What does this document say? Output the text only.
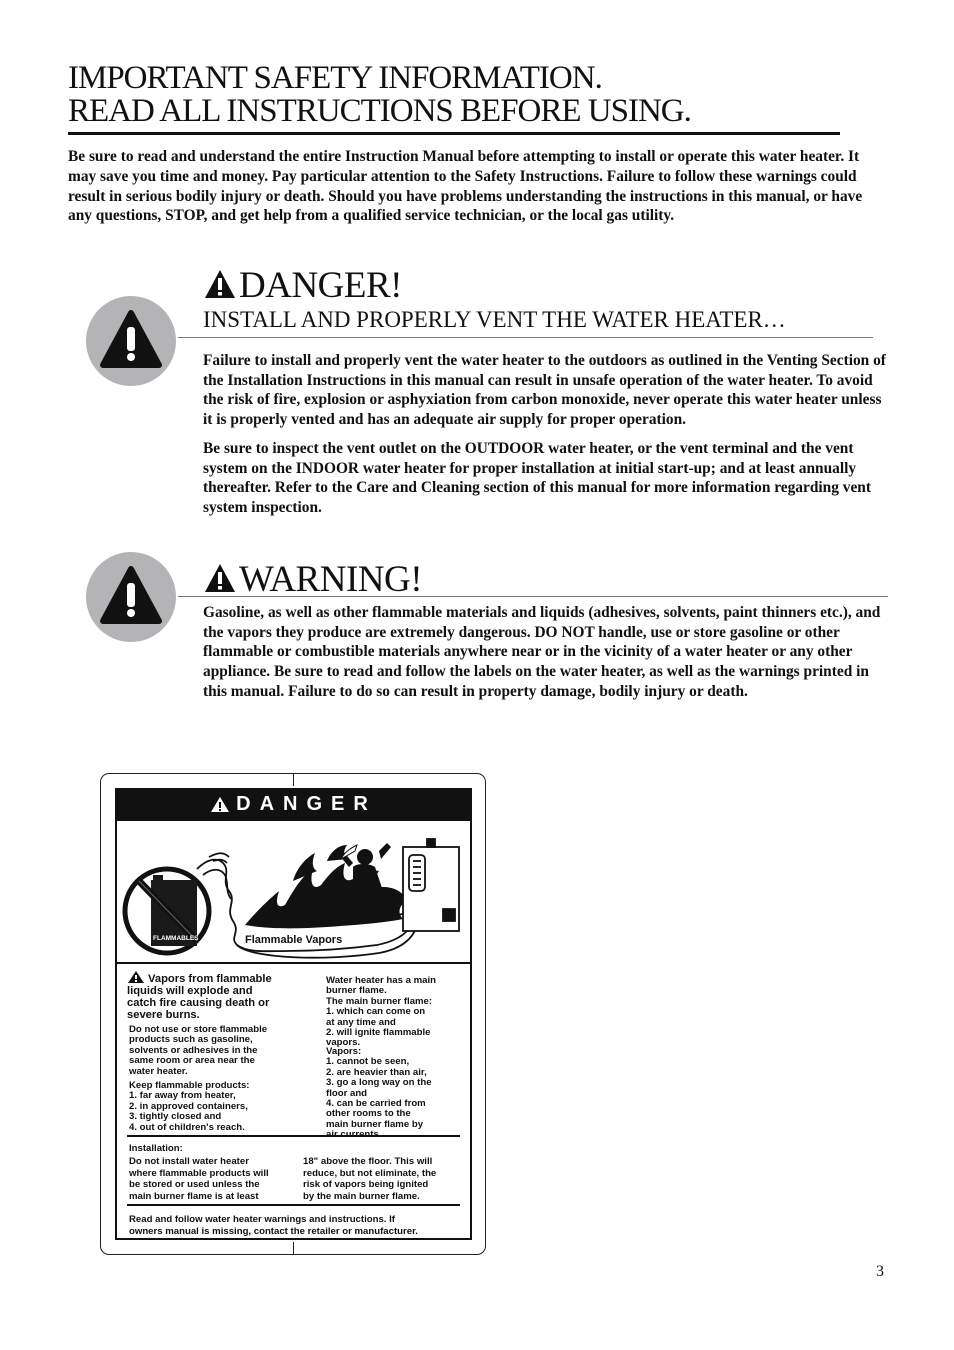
IMPORTANT SAFETY INFORMATION.
READ ALL INSTRUCTIONS BEFORE USING.

Be sure to read and understand the entire Instruction Manual before attempting to install or operate this water heater. It may save you time and money. Pay particular attention to the Safety Instructions. Failure to follow these warnings could result in serious bodily injury or death. Should you have problems understanding the instructions in this manual, or have any questions, STOP, and get help from a qualified service technician, or the local gas utility.

DANGER!
INSTALL AND PROPERLY VENT THE WATER HEATER…

Failure to install and properly vent the water heater to the outdoors as outlined in the Venting Section of the Installation Instructions in this manual can result in unsafe operation of the water heater. To avoid the risk of fire, explosion or asphyxiation from carbon monoxide, never operate this water heater unless it is properly vented and has an adequate air supply for proper operation.

Be sure to inspect the vent outlet on the OUTDOOR water heater, or the vent terminal and the vent system on the INDOOR water heater for proper installation at initial start-up; and at least annually thereafter. Refer to the Care and Cleaning section of this manual for more information regarding vent system inspection.

WARNING!

Gasoline, as well as other flammable materials and liquids (adhesives, solvents, paint thinners etc.), and the vapors they produce are extremely dangerous. DO NOT handle, use or store gasoline or other flammable or combustible materials anywhere near or in the vicinity of a water heater or any other appliance. Be sure to read and follow the labels on the water heater, as well as the warnings printed in this manual. Failure to do so can result in property damage, bodily injury or death.

DANGER
FLAMMABLES	Flammable Vapors

Vapors from flammable
liquids will explode and
catch fire causing death or
severe burns.

Do not use or store flammable
products such as gasoline,
solvents or adhesives in the
same room or area near the
water heater.

Keep flammable products:
1. far away from heater,
2. in approved containers,
3. tightly closed and
4. out of children's reach.

Water heater has a main
burner flame.
The main burner flame:
1. which can come on
at any time and
2. will ignite flammable
vapors.

Vapors:
1. cannot be seen,
2. are heavier than air,
3. go a long way on the
floor and
4. can be carried from
other rooms to the
main burner flame by
air currents.

Installation:

Do not install water heater
where flammable products will
be stored or used unless the
main burner flame is at least

18" above the floor. This will
reduce, but not eliminate, the
risk of vapors being ignited
by the main burner flame.

Read and follow water heater warnings and instructions. If
owners manual is missing, contact the retailer or manufacturer.

3
